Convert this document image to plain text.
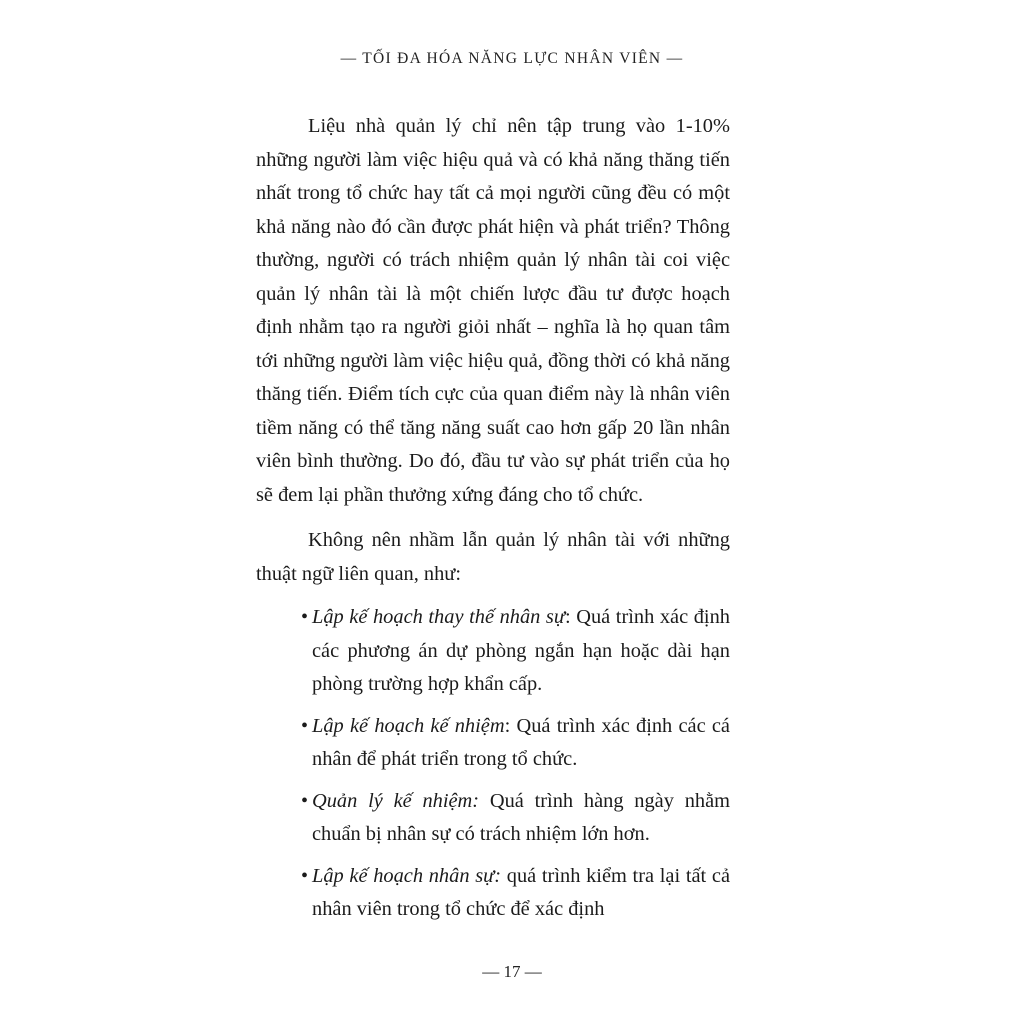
— TỐI ĐA HÓA NĂNG LỰC NHÂN VIÊN —

Liệu nhà quản lý chỉ nên tập trung vào 1-10% những người làm việc hiệu quả và có khả năng thăng tiến nhất trong tổ chức hay tất cả mọi người cũng đều có một khả năng nào đó cần được phát hiện và phát triển? Thông thường, người có trách nhiệm quản lý nhân tài coi việc quản lý nhân tài là một chiến lược đầu tư được hoạch định nhằm tạo ra người giỏi nhất – nghĩa là họ quan tâm tới những người làm việc hiệu quả, đồng thời có khả năng thăng tiến. Điểm tích cực của quan điểm này là nhân viên tiềm năng có thể tăng năng suất cao hơn gấp 20 lần nhân viên bình thường. Do đó, đầu tư vào sự phát triển của họ sẽ đem lại phần thưởng xứng đáng cho tổ chức.

Không nên nhầm lẫn quản lý nhân tài với những thuật ngữ liên quan, như:

• Lập kế hoạch thay thế nhân sự: Quá trình xác định các phương án dự phòng ngắn hạn hoặc dài hạn phòng trường hợp khẩn cấp.
• Lập kế hoạch kế nhiệm: Quá trình xác định các cá nhân để phát triển trong tổ chức.
• Quản lý kế nhiệm: Quá trình hàng ngày nhằm chuẩn bị nhân sự có trách nhiệm lớn hơn.
• Lập kế hoạch nhân sự: quá trình kiểm tra lại tất cả nhân viên trong tổ chức để xác định
— 17 —
